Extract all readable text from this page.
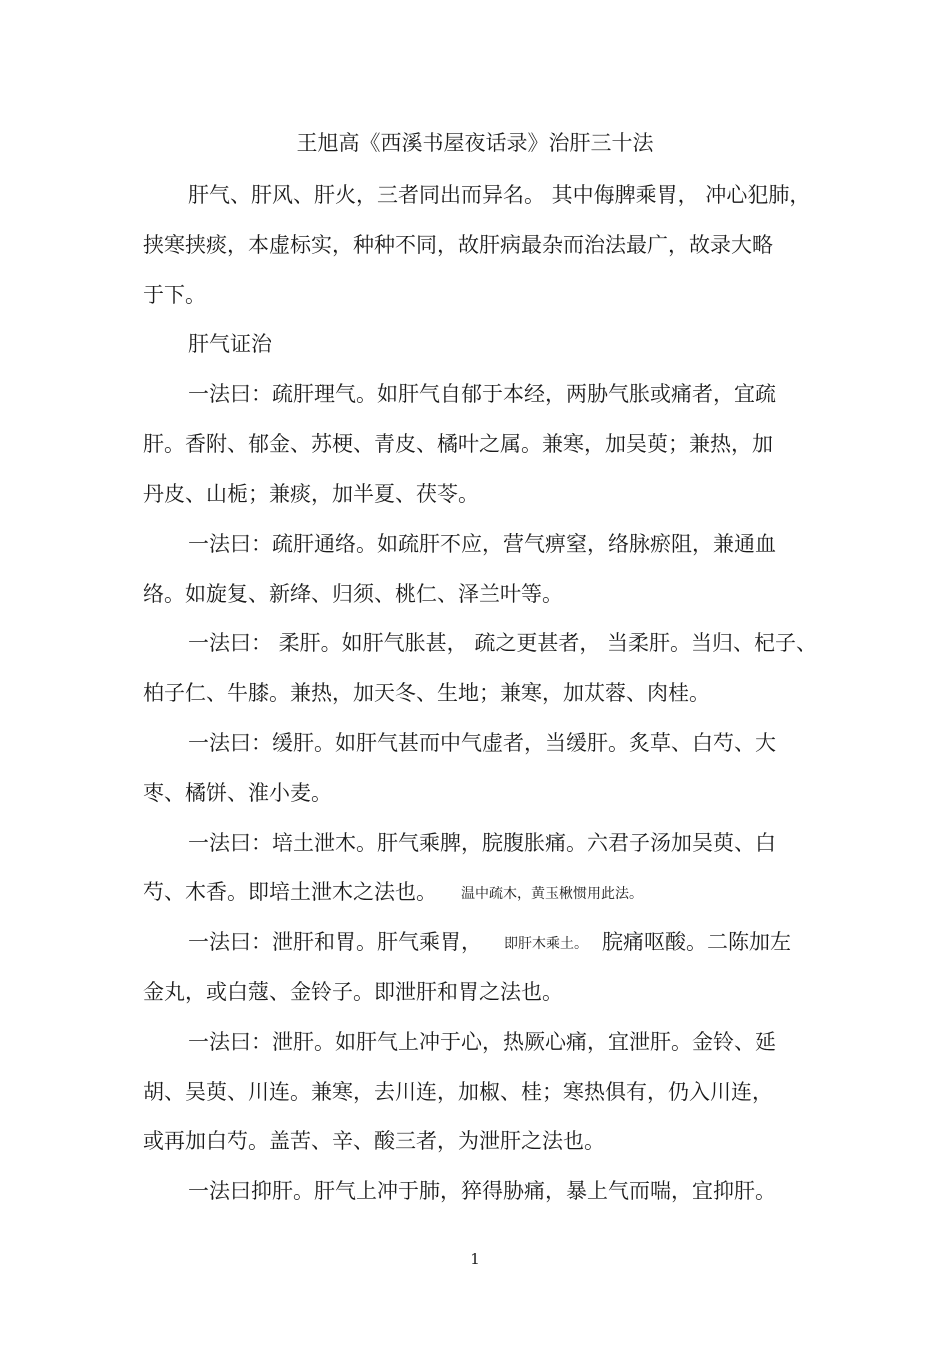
王旭高《西溪书屋夜话录》治肝三十法
肝气、肝风、肝火，三者同出而异名。 其中侮脾乘胃， 冲心犯肺，
挟寒挟痰，本虚标实，种种不同，故肝病最杂而治法最广，故录大略
于下。
肝气证治
一法曰：疏肝理气。如肝气自郁于本经，两胁气胀或痛者，宜疏
肝。香附、郁金、苏梗、青皮、橘叶之属。兼寒，加吴萸；兼热，加
丹皮、山栀；兼痰，加半夏、茯苓。
一法曰：疏肝通络。如疏肝不应，营气痹窒，络脉瘀阻，兼通血
络。如旋复、新绛、归须、桃仁、泽兰叶等。
一法曰： 柔肝。如肝气胀甚， 疏之更甚者， 当柔肝。当归、杞子、
柏子仁、牛膝。兼热，加天冬、生地；兼寒，加苁蓉、肉桂。
一法曰：缓肝。如肝气甚而中气虚者，当缓肝。炙草、白芍、大
枣、橘饼、淮小麦。
一法曰：培土泄木。肝气乘脾，脘腹胀痛。六君子汤加吴萸、白
芍、木香。即培土泄木之法也。 温中疏木，黄玉楸惯用此法。
一法曰：泄肝和胃。肝气乘胃， 即肝木乘土。 脘痛呕酸。二陈加左
金丸，或白蔻、金铃子。即泄肝和胃之法也。
一法曰：泄肝。如肝气上冲于心，热厥心痛，宜泄肝。金铃、延
胡、吴萸、川连。兼寒，去川连，加椒、桂；寒热俱有，仍入川连，
或再加白芍。盖苦、辛、酸三者，为泄肝之法也。
一法曰抑肝。肝气上冲于肺，猝得胁痛，暴上气而喘，宜抑肝。
1
